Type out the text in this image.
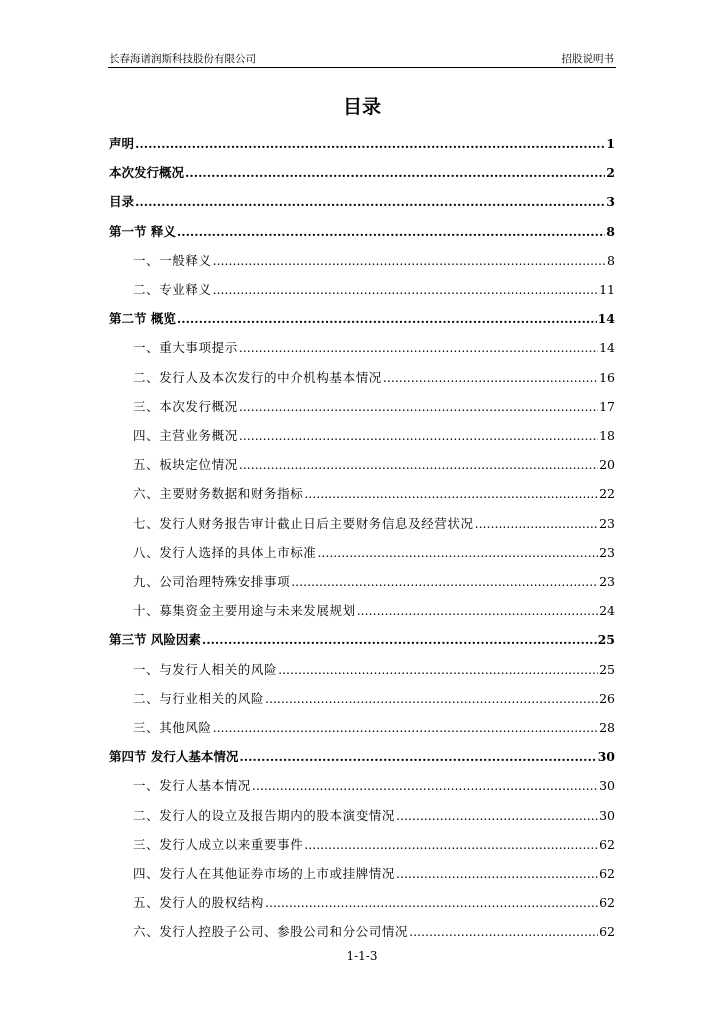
长春海谱润斯科技股份有限公司	招股说明书
目录
声明 .....	1
本次发行概况 .....	2
目录 .....	3
第一节 释义 .....	8
一、一般释义 .....	8
二、专业释义 .....	11
第二节 概览 .....	14
一、重大事项提示 .....	14
二、发行人及本次发行的中介机构基本情况 .....	16
三、本次发行概况 .....	17
四、主营业务概况 .....	18
五、板块定位情况 .....	20
六、主要财务数据和财务指标 .....	22
七、发行人财务报告审计截止日后主要财务信息及经营状况 .....	23
八、发行人选择的具体上市标准 .....	23
九、公司治理特殊安排事项 .....	23
十、募集资金主要用途与未来发展规划 .....	24
第三节 风险因素 .....	25
一、与发行人相关的风险 .....	25
二、与行业相关的风险 .....	26
三、其他风险 .....	28
第四节 发行人基本情况 .....	30
一、发行人基本情况 .....	30
二、发行人的设立及报告期内的股本演变情况 .....	30
三、发行人成立以来重要事件 .....	62
四、发行人在其他证券市场的上市或挂牌情况 .....	62
五、发行人的股权结构 .....	62
六、发行人控股子公司、参股公司和分公司情况 .....	62
1-1-3
